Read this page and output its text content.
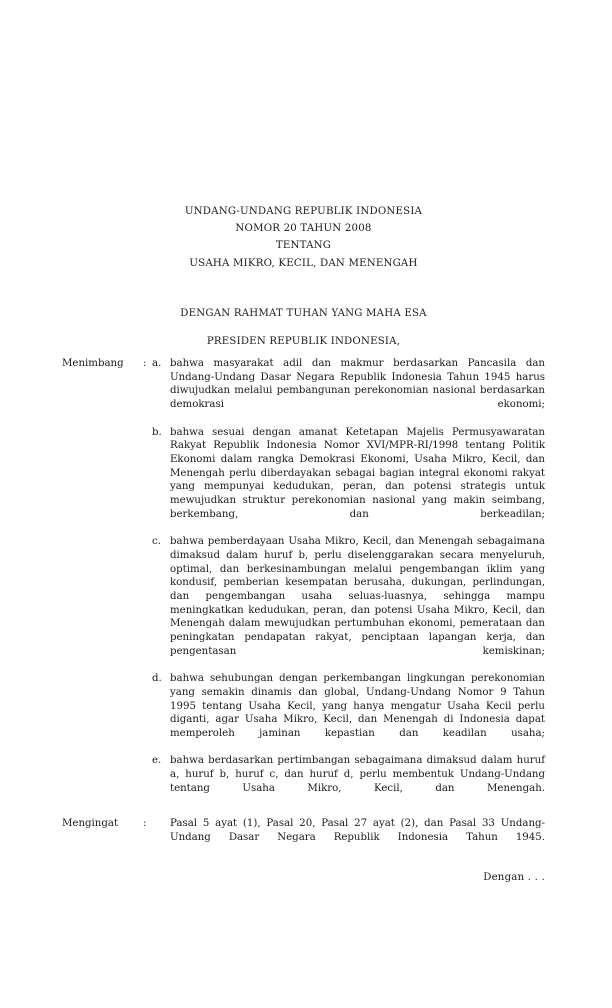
UNDANG-UNDANG REPUBLIK INDONESIA
NOMOR 20 TAHUN 2008
TENTANG
USAHA MIKRO, KECIL, DAN MENENGAH
DENGAN RAHMAT TUHAN YANG MAHA ESA
PRESIDEN REPUBLIK INDONESIA,
Menimbang	: a. bahwa masyarakat adil dan makmur berdasarkan Pancasila dan Undang-Undang Dasar Negara Republik Indonesia Tahun 1945 harus diwujudkan melalui pembangunan perekonomian nasional berdasarkan demokrasi ekonomi;
b. bahwa sesuai dengan amanat Ketetapan Majelis Permusyawaratan Rakyat Republik Indonesia Nomor XVI/MPR-RI/1998 tentang Politik Ekonomi dalam rangka Demokrasi Ekonomi, Usaha Mikro, Kecil, dan Menengah perlu diberdayakan sebagai bagian integral ekonomi rakyat yang mempunyai kedudukan, peran, dan potensi strategis untuk mewujudkan struktur perekonomian nasional yang makin seimbang, berkembang, dan berkeadilan;
c. bahwa pemberdayaan Usaha Mikro, Kecil, dan Menengah sebagaimana dimaksud dalam huruf b, perlu diselenggarakan secara menyeluruh, optimal, dan berkesinambungan melalui pengembangan iklim yang kondusif, pemberian kesempatan berusaha, dukungan, perlindungan, dan pengembangan usaha seluas-luasnya, sehingga mampu meningkatkan kedudukan, peran, dan potensi Usaha Mikro, Kecil, dan Menengah dalam mewujudkan pertumbuhan ekonomi, pemerataan dan peningkatan pendapatan rakyat, penciptaan lapangan kerja, dan pengentasan kemiskinan;
d. bahwa sehubungan dengan perkembangan lingkungan perekonomian yang semakin dinamis dan global, Undang-Undang Nomor 9 Tahun 1995 tentang Usaha Kecil, yang hanya mengatur Usaha Kecil perlu diganti, agar Usaha Mikro, Kecil, dan Menengah di Indonesia dapat memperoleh jaminan kepastian dan keadilan usaha;
e. bahwa berdasarkan pertimbangan sebagaimana dimaksud dalam huruf a, huruf b, huruf c, dan huruf d, perlu membentuk Undang-Undang tentang Usaha Mikro, Kecil, dan Menengah.
Mengingat	:	Pasal 5 ayat (1), Pasal 20, Pasal 27 ayat (2), dan Pasal 33 Undang-Undang Dasar Negara Republik Indonesia Tahun 1945.
Dengan . . .
